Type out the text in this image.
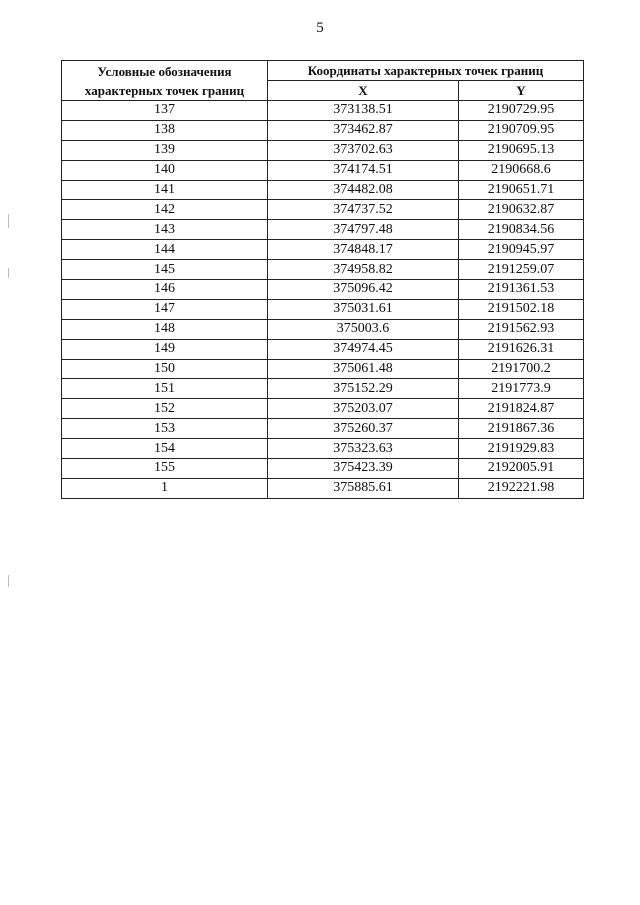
5
Условные обозначения характерных точек границ	Координаты характерных точек границ	
	X	Y
137	373138.51	2190729.95
138	373462.87	2190709.95
139	373702.63	2190695.13
140	374174.51	2190668.6
141	374482.08	2190651.71
142	374737.52	2190632.87
143	374797.48	2190834.56
144	374848.17	2190945.97
145	374958.82	2191259.07
146	375096.42	2191361.53
147	375031.61	2191502.18
148	375003.6	2191562.93
149	374974.45	2191626.31
150	375061.48	2191700.2
151	375152.29	2191773.9
152	375203.07	2191824.87
153	375260.37	2191867.36
154	375323.63	2191929.83
155	375423.39	2192005.91
1	375885.61	2192221.98
